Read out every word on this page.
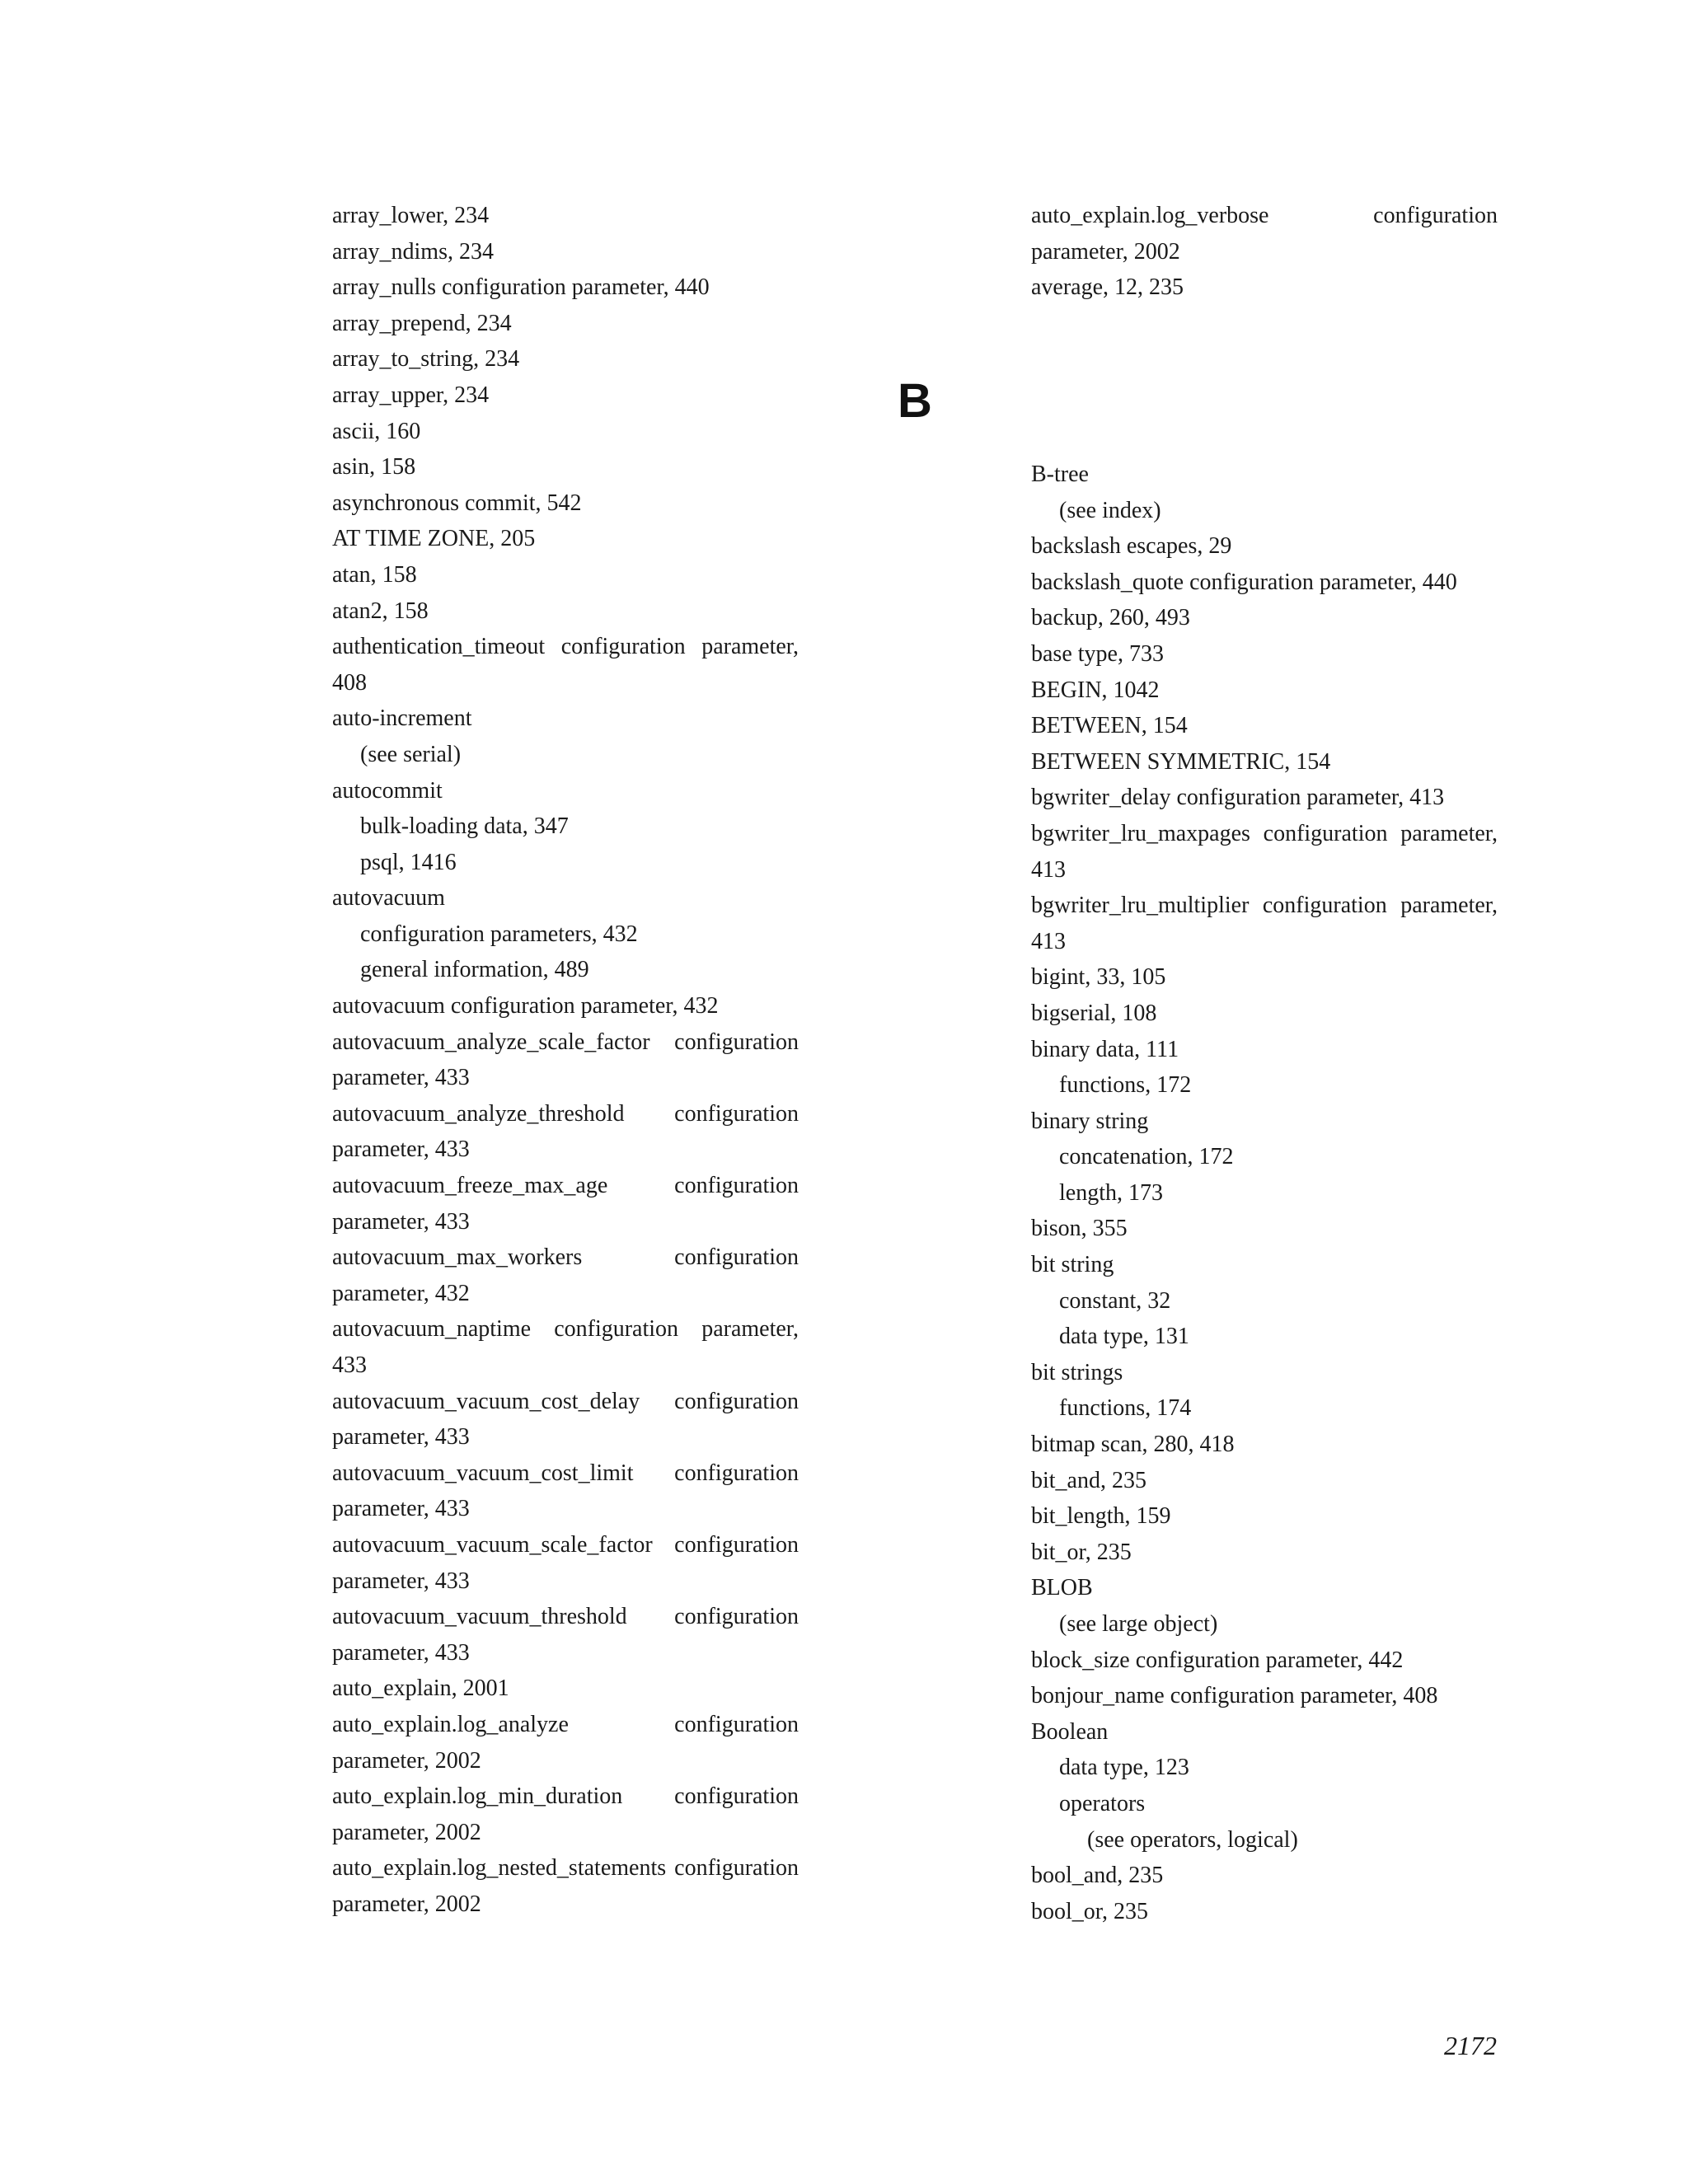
array_lower, 234
array_ndims, 234
array_nulls configuration parameter, 440
array_prepend, 234
array_to_string, 234
array_upper, 234
ascii, 160
asin, 158
asynchronous commit, 542
AT TIME ZONE, 205
atan, 158
atan2, 158
authentication_timeout configuration parameter, 408
auto-increment
(see serial)
autocommit
bulk-loading data, 347
psql, 1416
autovacuum
configuration parameters, 432
general information, 489
autovacuum configuration parameter, 432
autovacuum_analyze_scale_factor configuration parameter, 433
autovacuum_analyze_threshold configuration parameter, 433
autovacuum_freeze_max_age configuration parameter, 433
autovacuum_max_workers configuration parameter, 432
autovacuum_naptime configuration parameter, 433
autovacuum_vacuum_cost_delay configuration parameter, 433
autovacuum_vacuum_cost_limit configuration parameter, 433
autovacuum_vacuum_scale_factor configuration parameter, 433
autovacuum_vacuum_threshold configuration parameter, 433
auto_explain, 2001
auto_explain.log_analyze configuration parameter, 2002
auto_explain.log_min_duration configuration parameter, 2002
auto_explain.log_nested_statements configuration parameter, 2002
auto_explain.log_verbose configuration parameter, 2002
average, 12, 235
B
B-tree
(see index)
backslash escapes, 29
backslash_quote configuration parameter, 440
backup, 260, 493
base type, 733
BEGIN, 1042
BETWEEN, 154
BETWEEN SYMMETRIC, 154
bgwriter_delay configuration parameter, 413
bgwriter_lru_maxpages configuration parameter, 413
bgwriter_lru_multiplier configuration parameter, 413
bigint, 33, 105
bigserial, 108
binary data, 111
functions, 172
binary string
concatenation, 172
length, 173
bison, 355
bit string
constant, 32
data type, 131
bit strings
functions, 174
bitmap scan, 280, 418
bit_and, 235
bit_length, 159
bit_or, 235
BLOB
(see large object)
block_size configuration parameter, 442
bonjour_name configuration parameter, 408
Boolean
data type, 123
operators
(see operators, logical)
bool_and, 235
bool_or, 235
2172
